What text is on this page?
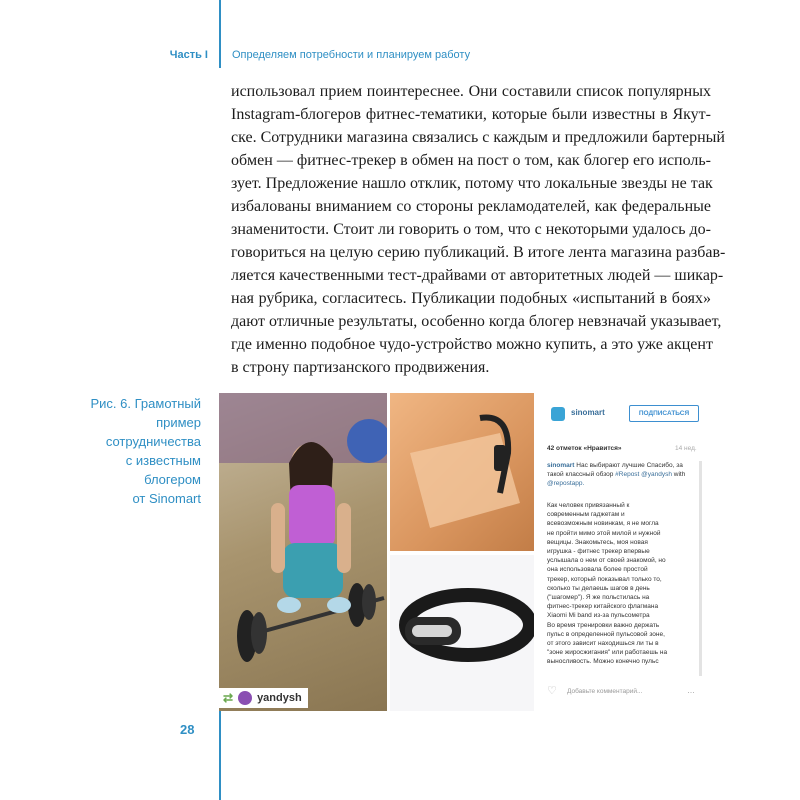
Часть I Определяем потребности и планируем работу

использовал прием поинтереснее. Они составили список популярных
Instagram-блогеров фитнес-тематики, которые были известны в Якут-
ске. Сотрудники магазина связались с каждым и предложили бартерный
обмен — фитнес-трекер в обмен на пост о том, как блогер его исполь-
зует. Предложение нашло отклик, потому что локальные звезды не так
избалованы вниманием со стороны рекламодателей, как федеральные
знаменитости. Стоит ли говорить о том, что с некоторыми удалось до-
говориться на целую серию публикаций. В итоге лента магазина разбав-
ляется качественными тест-драйвами от авторитетных людей — шикар-
ная рубрика, согласитесь. Публикации подобных «испытаний в боях»
дают отличные результаты, особенно когда блогер невзначай указывает,
где именно подобное чудо-устройство можно купить, а это уже акцент
в строну партизанского продвижения.

Рис. 6. Грамотный
пример
сотрудничества
с известным
блогером
от Sinomart
sinomart	ПОДПИСАТЬСЯ
42 отметок «Нравится»	14 нед.
sinomart Нас выбирают лучшие Спасибо, за такой классный обзор #Repost @yandysh with @repostapp.
Как человек привязанный к
современным гаджетам и
всевозможным новинкам, я не могла
не пройти мимо этой милой и нужной
вещицы. Знакомьтесь, моя новая
игрушка - фитнес трекер впервые
услышала о нем от своей знакомой, но
она использовала более простой
трекер, который показывал только то,
сколько ты делаешь шагов в день
("шагомер"). Я же польстилась на
фитнес-трекер китайского флагмана
Xiaomi Mi band из-за пульсометра
Во время тренировки важно держать
пульс в определенной пульсовой зоне,
от этого зависит находишься ли ты в
"зоне жиросжигания" или работаешь на
выносливость. Можно конечно пульс
♡ Добавьте комментарий...	…
⇄ yandysh
28
